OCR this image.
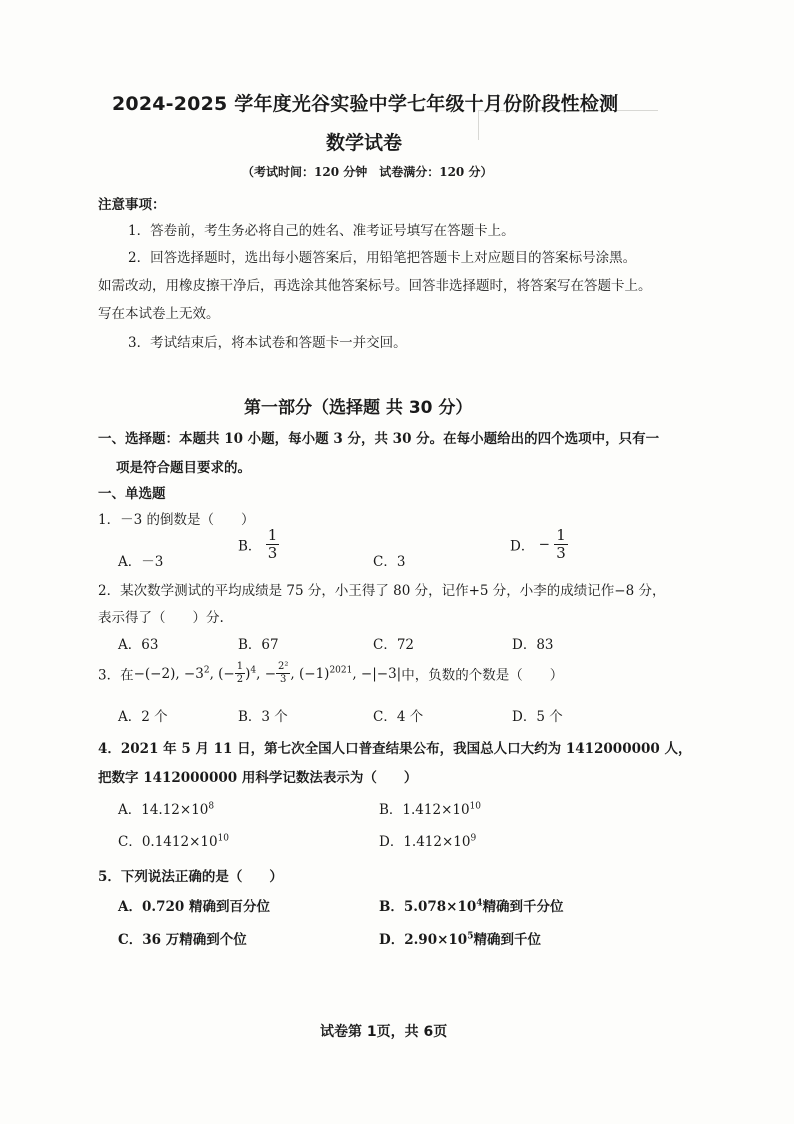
2024-2025 学年度光谷实验中学七年级十月份阶段性检测
数学试卷
（考试时间：120 分钟　试卷满分：120 分）
注意事项：
1．答卷前，考生务必将自己的姓名、准考证号填写在答题卡上。
2．回答选择题时，选出每小题答案后，用铅笔把答题卡上对应题目的答案标号涂黑。
如需改动，用橡皮擦干净后，再选涂其他答案标号。回答非选择题时，将答案写在答题卡上。
写在本试卷上无效。
3．考试结束后，将本试卷和答题卡一并交回。
第一部分（选择题 共 30 分）
一、选择题：本题共 10 小题，每小题 3 分，共 30 分。在每小题给出的四个选项中，只有一
项是符合题目要求的。
一、单选题
1．－3 的倒数是（　　）
A．－3
B． $\frac{1}{3}$
C．3
D． − $\frac{1}{3}$
2．某次数学测试的平均成绩是 75 分，小王得了 80 分，记作+5 分，小李的成绩记作−8 分，
表示得了（　　）分.
A．63	B．67	C．72	D．83
3．在−(−2), $-3^2$, (− $\frac{1}{2} )^4$, − $\frac{\text{2²}}{3}$ , $(-1)^{2021}$, −|−3|中，负数的个数是（　　）
A．2 个	B．3 个	C．4 个	D．5 个
4．2021 年 5 月 11 日，第七次全国人口普查结果公布，我国总人口大约为 1412000000 人，
把数字 1412000000 用科学记数法表示为（　　）
A．$14.12\times 10^8$	B．$1.412\times 10^{10}$
C．$0.1412\times 10^{10}$	D．$1.412\times 10^9$
5．下列说法正确的是（　　）
A．0.720 精确到百分位	B．$5.078\times 10^4$精确到千分位
C．36 万精确到个位	D．$2.90\times 10^5$精确到千位
试卷第 1页，共 6页
